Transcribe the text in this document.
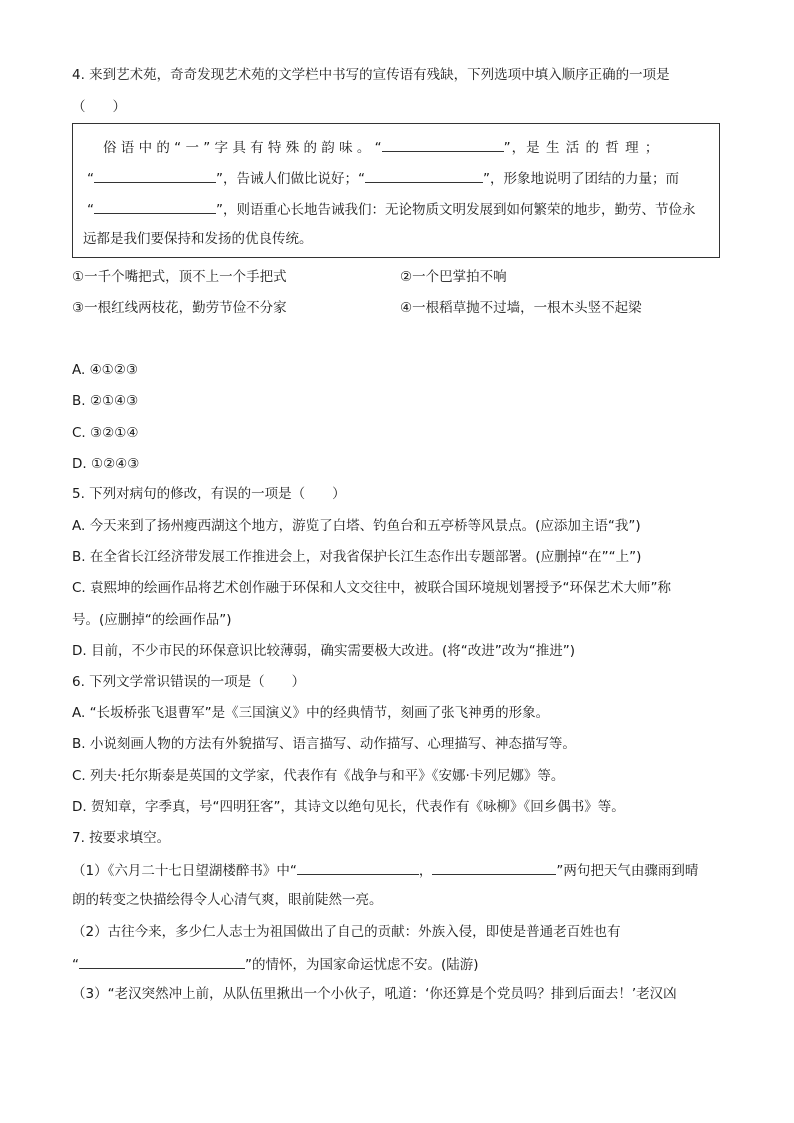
4. 来到艺术苑，奇奇发现艺术苑的文学栏中书写的宣传语有残缺，下列选项中填入顺序正确的一项是
（　　）
俗 语 中 的 “ 一 ” 字 具 有 特 殊 的 韵 味 。 “	”，是 生 活 的 哲 理 ；
“	”，告诫人们做比说好；“	”，形象地说明了团结的力量；而
“	”，则语重心长地告诫我们：无论物质文明发展到如何繁荣的地步，勤劳、节俭永
远都是我们要保持和发扬的优良传统。
①一千个嘴把式，顶不上一个手把式	②一个巴掌拍不响
③一根红线两枝花，勤劳节俭不分家	④一根稻草抛不过墙，一根木头竖不起梁
A. ④①②③
B. ②①④③
C. ③②①④
D. ①②④③
5. 下列对病句的修改，有误的一项是（　　）
A. 今天来到了扬州瘦西湖这个地方，游览了白塔、钓鱼台和五亭桥等风景点。(应添加主语“我”)
B. 在全省长江经济带发展工作推进会上，对我省保护长江生态作出专题部署。(应删掉“在”“上”)
C. 袁熙坤的绘画作品将艺术创作融于环保和人文交往中，被联合国环境规划署授予“环保艺术大师”称
号。(应删掉“的绘画作品”)
D. 目前，不少市民的环保意识比较薄弱，确实需要极大改进。(将“改进”改为“推进”)
6. 下列文学常识错误的一项是（　　）
A. “长坂桥张飞退曹军”是《三国演义》中的经典情节，刻画了张飞神勇的形象。
B. 小说刻画人物的方法有外貌描写、语言描写、动作描写、心理描写、神态描写等。
C. 列夫·托尔斯泰是英国的文学家，代表作有《战争与和平》《安娜·卡列尼娜》等。
D. 贺知章，字季真，号“四明狂客”，其诗文以绝句见长，代表作有《咏柳》《回乡偶书》等。
7. 按要求填空。
（1）《六月二十七日望湖楼醉书》中“	，	”两句把天气由骤雨到晴
朗的转变之快描绘得令人心清气爽，眼前陡然一亮。
（2）古往今来，多少仁人志士为祖国做出了自己的贡献：外族入侵，即使是普通老百姓也有
“	”的情怀，为国家命运忧虑不安。(陆游)
（3）“老汉突然冲上前，从队伍里揪出一个小伙子，吼道：‘你还算是个党员吗？排到后面去！’老汉凶
